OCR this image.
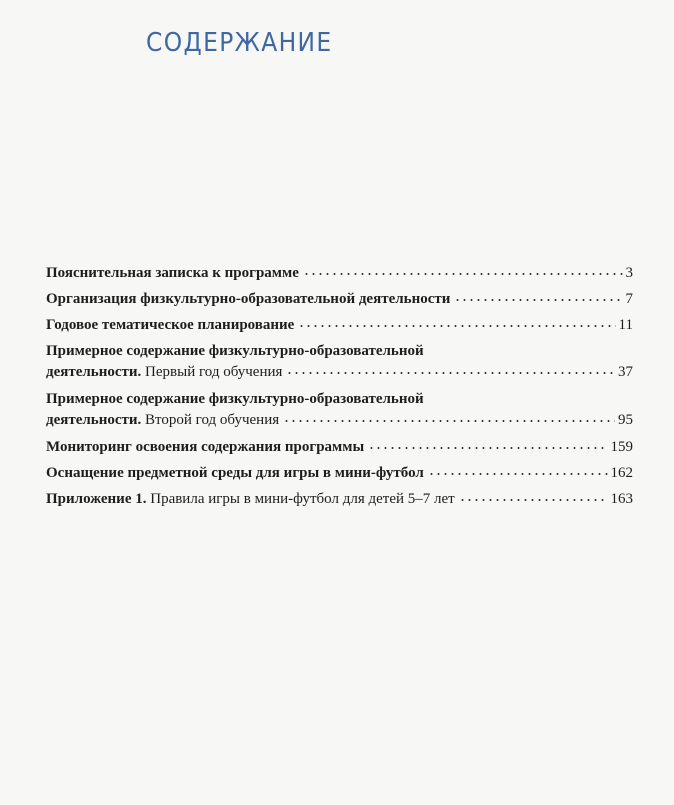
СОДЕРЖАНИЕ
Пояснительная записка к программе	3
Организация физкультурно-образовательной деятельности	7
Годовое тематическое планирование	11
Примерное содержание физкультурно-образовательной
деятельности.
Первый год обучения	37
Примерное содержание физкультурно-образовательной
деятельности.
Второй год обучения	95
Мониторинг освоения содержания программы	159
Оснащение предметной среды для игры в мини-футбол	162
Приложение 1.
Правила игры в мини-футбол для детей 5–7 лет	163
